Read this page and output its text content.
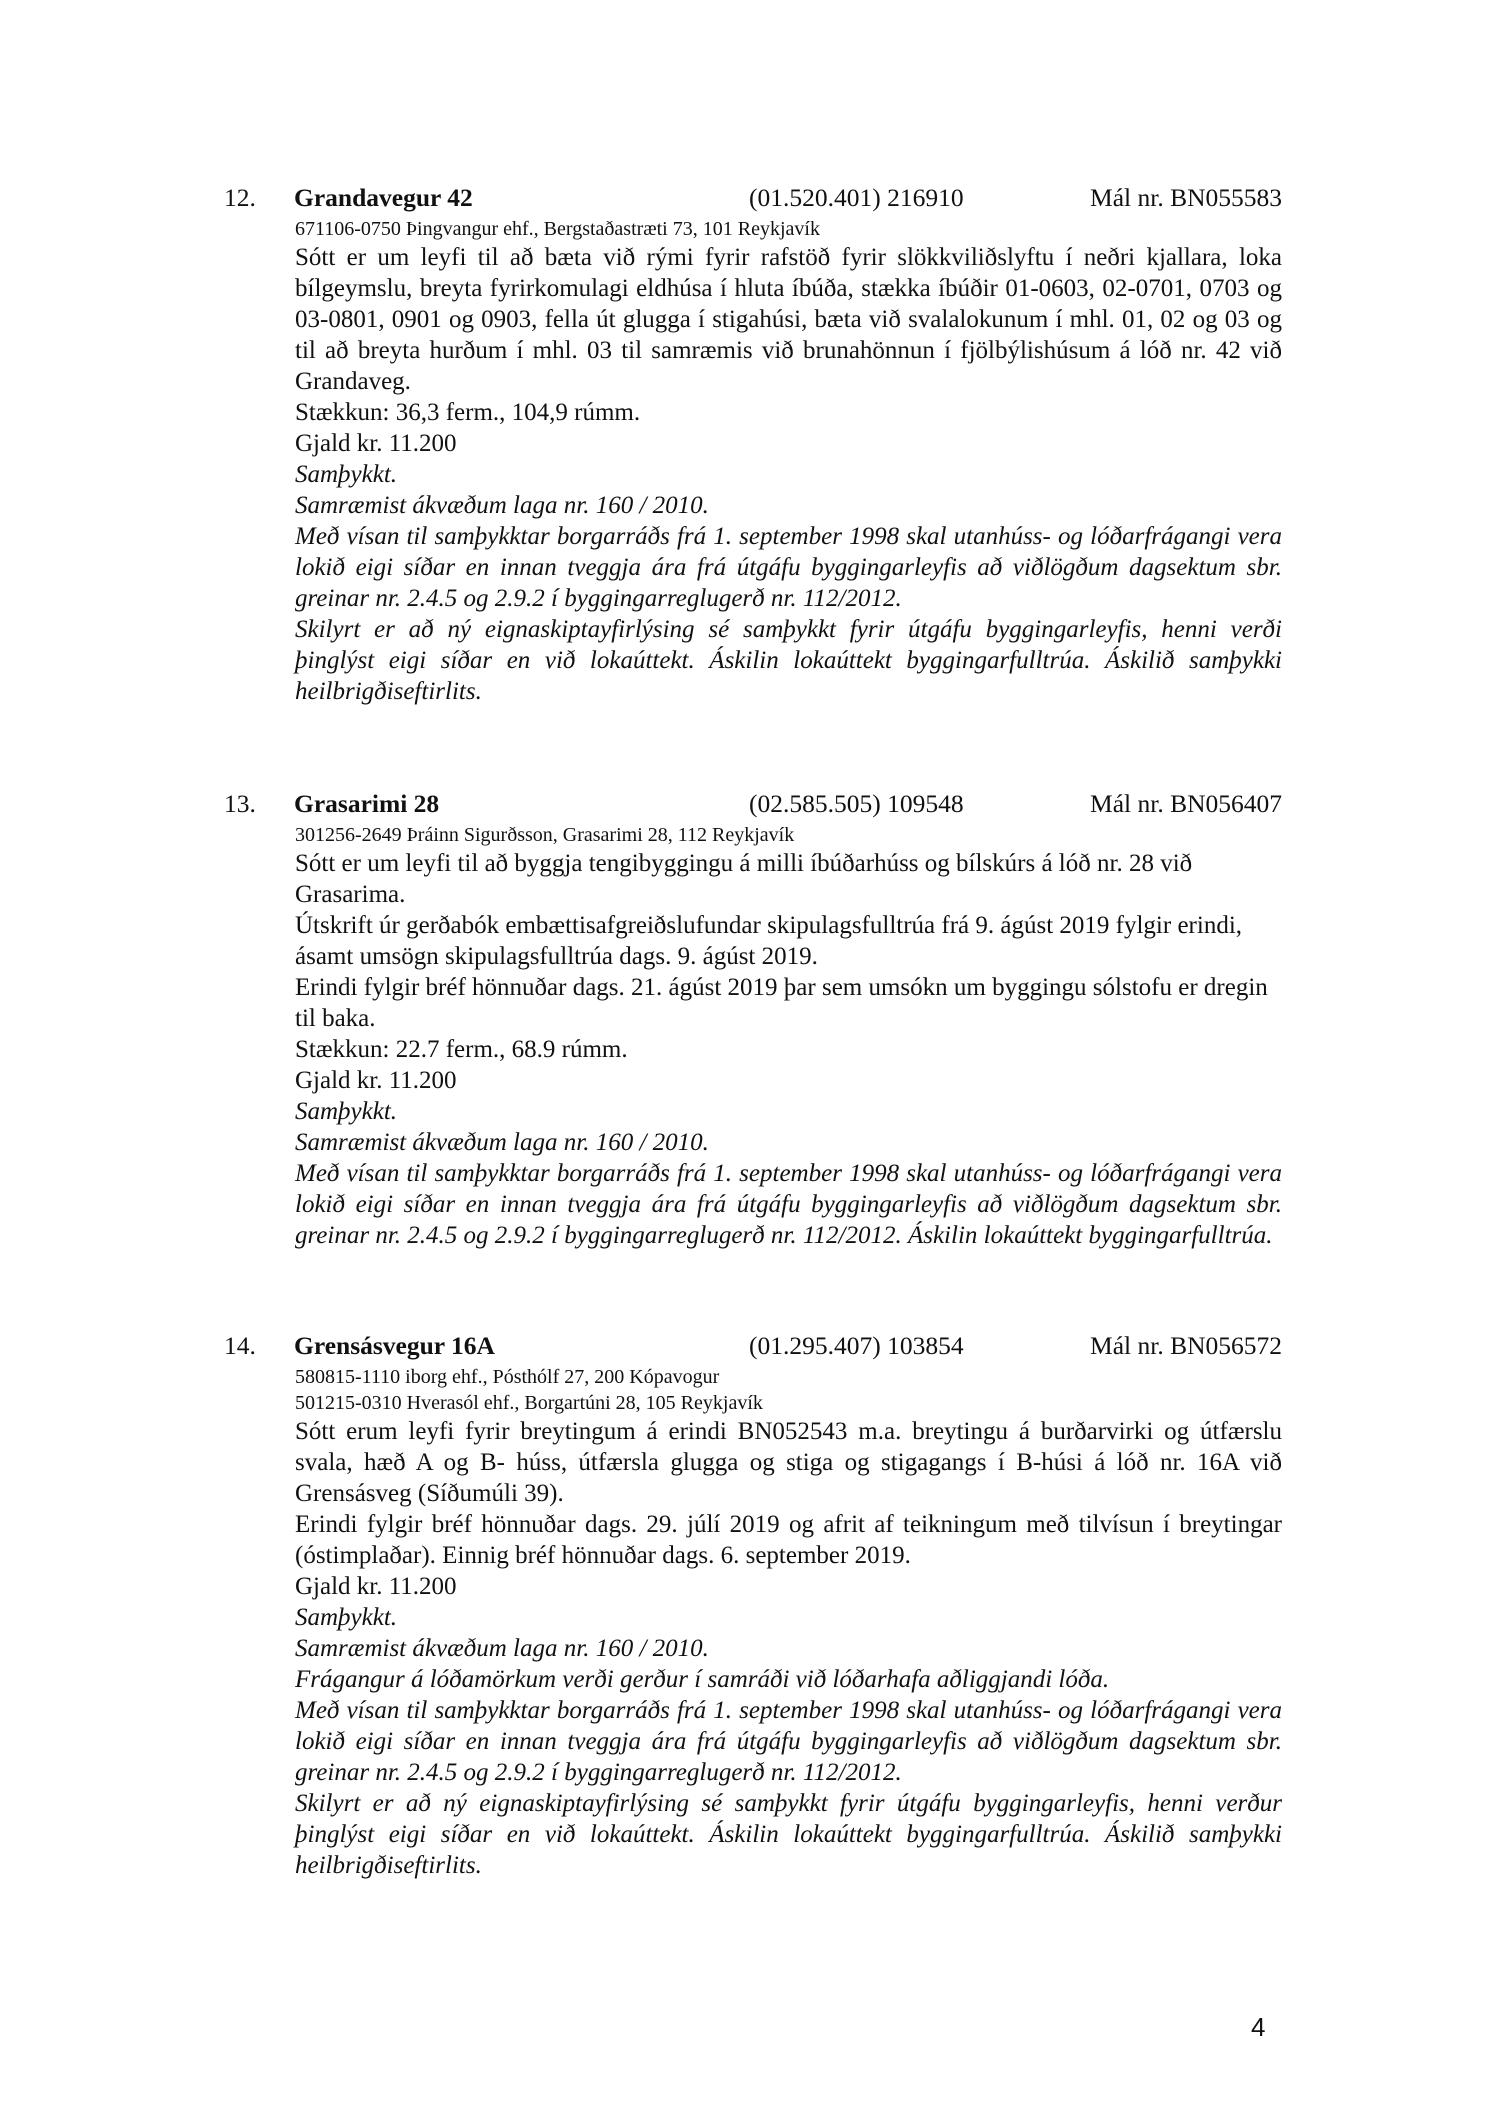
12. Grandavegur 42	(01.520.401) 216910	Mál nr. BN055583
671106-0750 Þingvangur ehf., Bergstaðastræti 73, 101 Reykjavík

Sótt er um leyfi til að bæta við rými fyrir rafstöð fyrir slökkviliðslyftu í neðri kjallara, loka bílgeymslu, breyta fyrirkomulagi eldhúsa í hluta íbúða, stækka íbúðir 01-0603, 02-0701, 0703 og 03-0801, 0901 og 0903, fella út glugga í stigahúsi, bæta við svalalokunum í mhl. 01, 02 og 03 og til að breyta hurðum í mhl. 03 til samræmis við brunahönnun í fjölbýlishúsum á lóð nr. 42 við Grandaveg.

Stækkun: 36,3 ferm., 104,9 rúmm.

Gjald kr. 11.200

Samþykkt.

Samræmist ákvæðum laga nr. 160 / 2010.

Með vísan til samþykktar borgarráðs frá 1. september 1998 skal utanhúss- og lóðarfrágangi vera lokið eigi síðar en innan tveggja ára frá útgáfu byggingarleyfis að viðlögðum dagsektum sbr. greinar nr. 2.4.5 og 2.9.2 í byggingarreglugerð nr. 112/2012.

Skilyrt er að ný eignaskiptayfirlýsing sé samþykkt fyrir útgáfu byggingarleyfis, henni verði þinglýst eigi síðar en við lokaúttekt. Áskilin lokaúttekt byggingarfulltrúa. Áskilið samþykki heilbrigðiseftirlits.

13. Grasarimi 28	(02.585.505) 109548	Mál nr. BN056407
301256-2649 Þráinn Sigurðsson, Grasarimi 28, 112 Reykjavík

Sótt er um leyfi til að byggja tengibyggingu á milli íbúðarhúss og bílskúrs á lóð nr. 28 við Grasarima.

Útskrift úr gerðabók embættisafgreiðslufundar skipulagsfulltrúa frá 9. ágúst 2019 fylgir erindi, ásamt umsögn skipulagsfulltrúa dags. 9. ágúst 2019.

Erindi fylgir bréf hönnuðar dags. 21. ágúst 2019 þar sem umsókn um byggingu sólstofu er dregin til baka.

Stækkun: 22.7 ferm., 68.9 rúmm.

Gjald kr. 11.200

Samþykkt.

Samræmist ákvæðum laga nr. 160 / 2010.

Með vísan til samþykktar borgarráðs frá 1. september 1998 skal utanhúss- og lóðarfrágangi vera lokið eigi síðar en innan tveggja ára frá útgáfu byggingarleyfis að viðlögðum dagsektum sbr. greinar nr. 2.4.5 og 2.9.2 í byggingarreglugerð nr. 112/2012. Áskilin lokaúttekt byggingarfulltrúa.

14. Grensásvegur 16A	(01.295.407) 103854	Mál nr. BN056572
580815-1110 iborg ehf., Pósthólf 27, 200 Kópavogur
501215-0310 Hverasól ehf., Borgartúni 28, 105 Reykjavík

Sótt erum leyfi fyrir breytingum á erindi BN052543 m.a. breytingu á burðarvirki og útfærslu svala, hæð A og B- húss, útfærsla glugga og stiga og stigagangs í B-húsi á lóð nr. 16A við Grensásveg (Síðumúli 39).

Erindi fylgir bréf hönnuðar dags. 29. júlí 2019 og afrit af teikningum með tilvísun í breytingar (óstimplaðar). Einnig bréf hönnuðar dags. 6. september 2019.

Gjald kr. 11.200

Samþykkt.

Samræmist ákvæðum laga nr. 160 / 2010.

Frágangur á lóðamörkum verði gerður í samráði við lóðarhafa aðliggjandi lóða.

Með vísan til samþykktar borgarráðs frá 1. september 1998 skal utanhúss- og lóðarfrágangi vera lokið eigi síðar en innan tveggja ára frá útgáfu byggingarleyfis að viðlögðum dagsektum sbr. greinar nr. 2.4.5 og 2.9.2 í byggingarreglugerð nr. 112/2012.

Skilyrt er að ný eignaskiptayfirlýsing sé samþykkt fyrir útgáfu byggingarleyfis, henni verður þinglýst eigi síðar en við lokaúttekt. Áskilin lokaúttekt byggingarfulltrúa. Áskilið samþykki heilbrigðiseftirlits.

4
